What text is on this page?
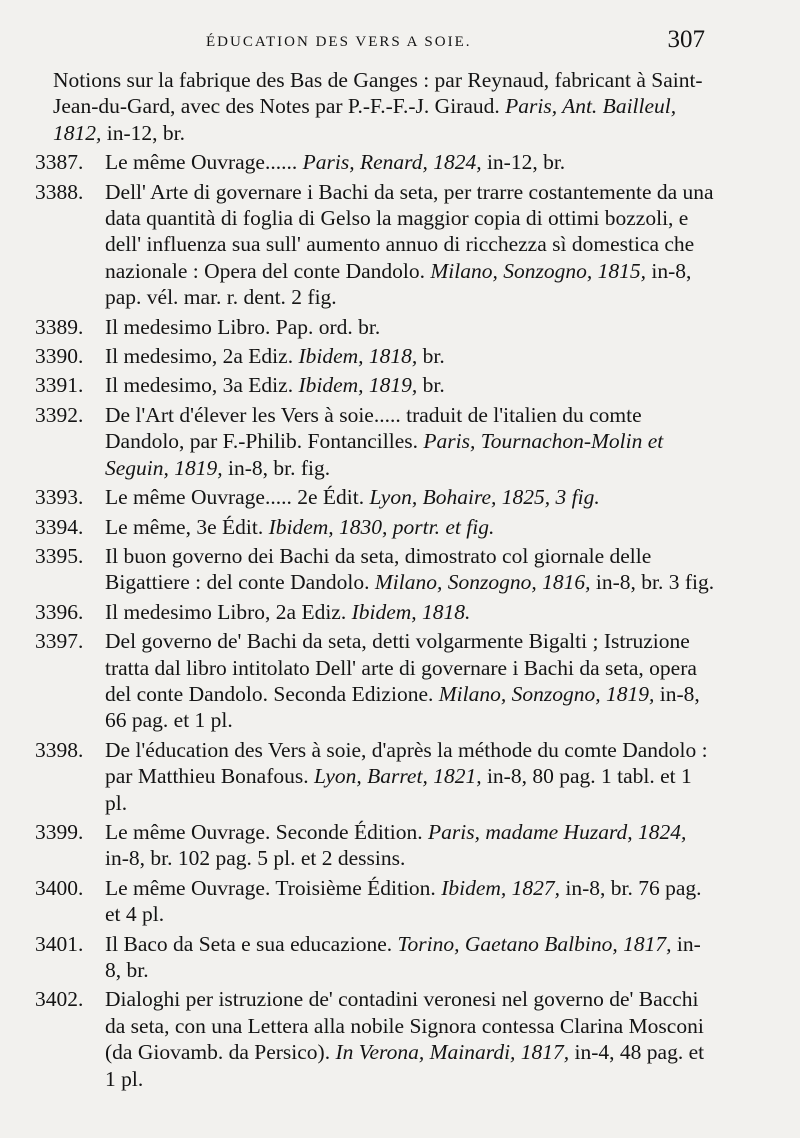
ÉDUCATION DES VERS A SOIE.	307
Notions sur la fabrique des Bas de Ganges : par Reynaud, fabricant à Saint-Jean-du-Gard, avec des Notes par P.-F.-F.-J. Giraud. Paris, Ant. Bailleul, 1812, in-12, br.
3387.	Le même Ouvrage...... Paris, Renard, 1824, in-12, br.
3388.	Dell' Arte di governare i Bachi da seta, per trarre costantemente da una data quantità di foglia di Gelso la maggior copia di ottimi bozzoli, e dell' influenza sua sull' aumento annuo di ricchezza sì domestica che nazionale : Opera del conte Dandolo. Milano, Sonzogno, 1815, in-8, pap. vél. mar. r. dent. 2 fig.
3389.	Il medesimo Libro. Pap. ord. br.
3390.	Il medesimo, 2a Ediz. Ibidem, 1818, br.
3391.	Il medesimo, 3a Ediz. Ibidem, 1819, br.
3392.	De l'Art d'élever les Vers à soie..... traduit de l'italien du comte Dandolo, par F.-Philib. Fontancilles. Paris, Tournachon-Molin et Seguin, 1819, in-8, br. fig.
3393.	Le même Ouvrage..... 2e Édit. Lyon, Bohaire, 1825, 3 fig.
3394.	Le même, 3e Édit. Ibidem, 1830, portr. et fig.
3395.	Il buon governo dei Bachi da seta, dimostrato col giornale delle Bigattiere : del conte Dandolo. Milano, Sonzogno, 1816, in-8, br. 3 fig.
3396.	Il medesimo Libro, 2a Ediz. Ibidem, 1818.
3397.	Del governo de' Bachi da seta, detti volgarmente Bigalti ; Istruzione tratta dal libro intitolato Dell' arte di governare i Bachi da seta, opera del conte Dandolo. Seconda Edizione. Milano, Sonzogno, 1819, in-8, 66 pag. et 1 pl.
3398.	De l'éducation des Vers à soie, d'après la méthode du comte Dandolo : par Matthieu Bonafous. Lyon, Barret, 1821, in-8, 80 pag. 1 tabl. et 1 pl.
3399.	Le même Ouvrage. Seconde Édition. Paris, madame Huzard, 1824, in-8, br. 102 pag. 5 pl. et 2 dessins.
3400.	Le même Ouvrage. Troisième Édition. Ibidem, 1827, in-8, br. 76 pag. et 4 pl.
3401.	Il Baco da Seta e sua educazione. Torino, Gaetano Balbino, 1817, in-8, br.
3402.	Dialoghi per istruzione de' contadini veronesi nel governo de' Bacchi da seta, con una Lettera alla nobile Signora contessa Clarina Mosconi (da Giovamb. da Persico). In Verona, Mainardi, 1817, in-4, 48 pag. et 1 pl.
